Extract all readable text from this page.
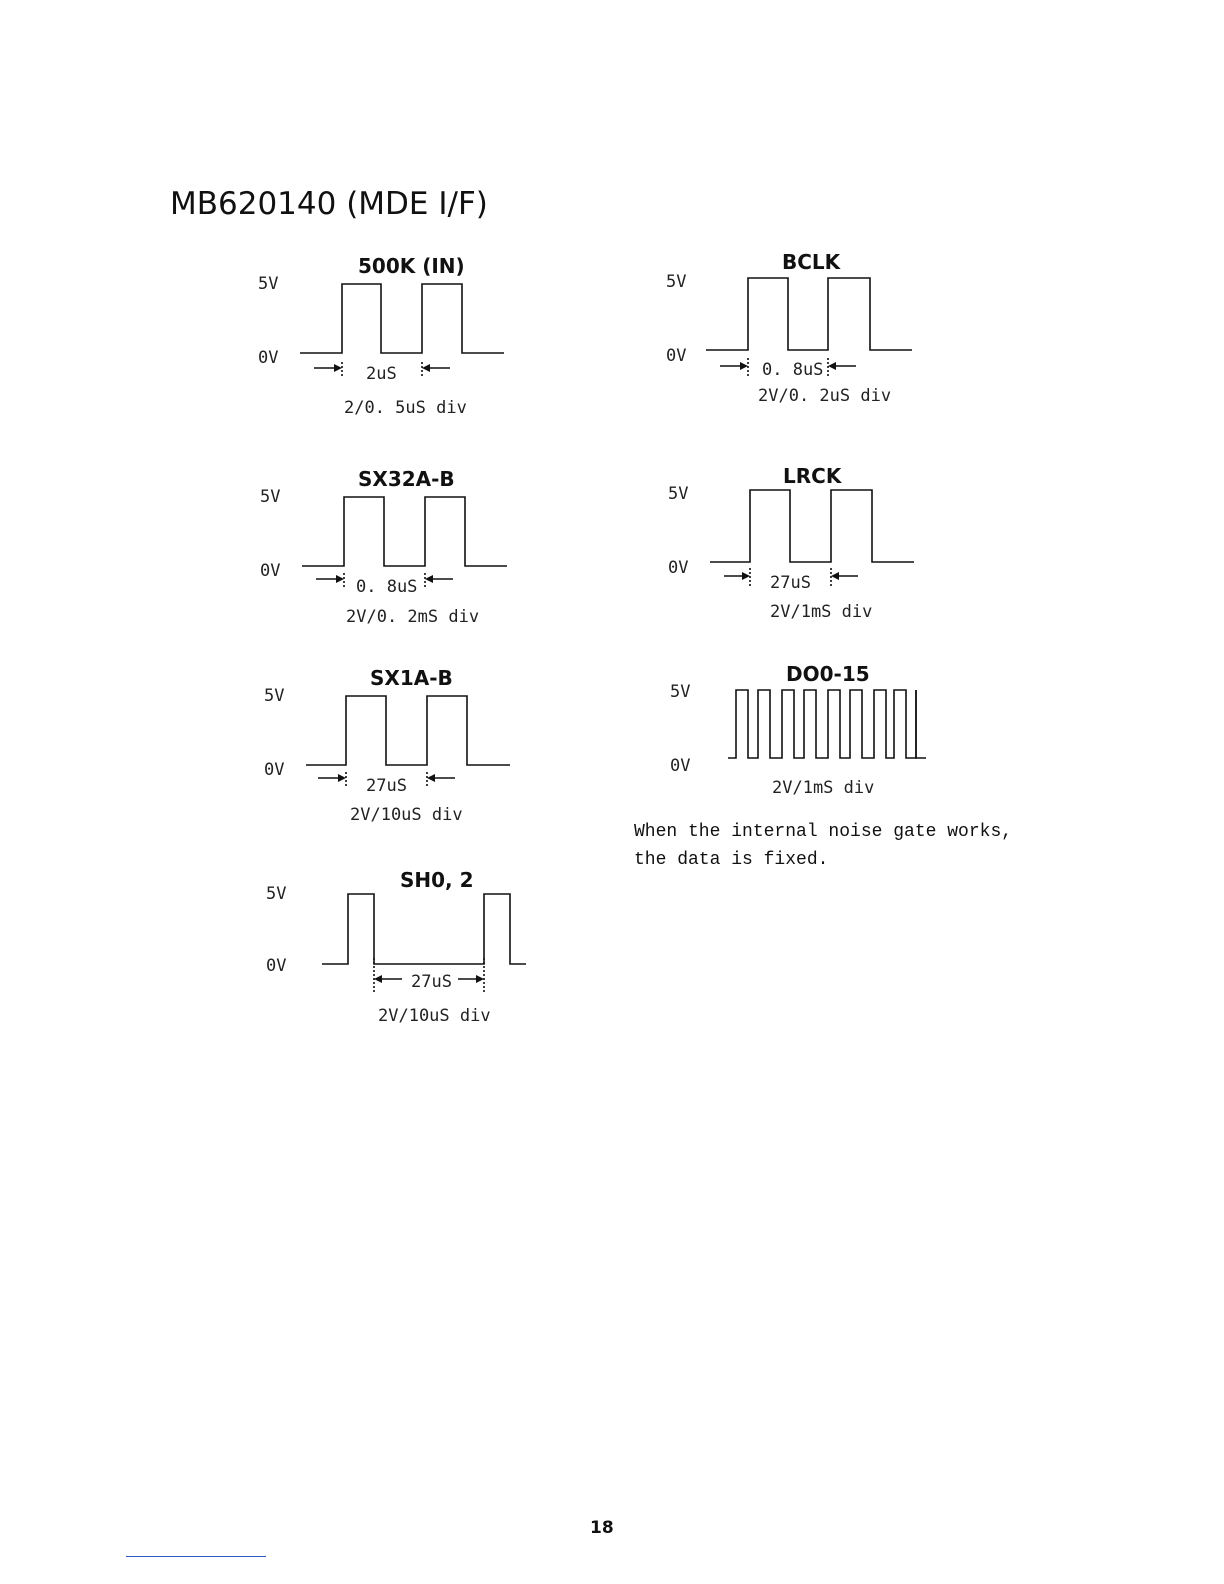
MB620140 (MDE I/F)
500K (IN)
5V
0V
2uS
2/0. 5uS div
SX32A-B
5V
0V
0. 8uS
2V/0. 2mS div
SX1A-B
5V
0V
27uS
2V/10uS div
SH0, 2
5V
0V
27uS
2V/10uS div
BCLK
5V
0V
0. 8uS
2V/0. 2uS div
LRCK
5V
0V
27uS
2V/1mS div
DO0-15
5V
0V
2V/1mS div
When the internal noise gate works,
the data is fixed.
18
